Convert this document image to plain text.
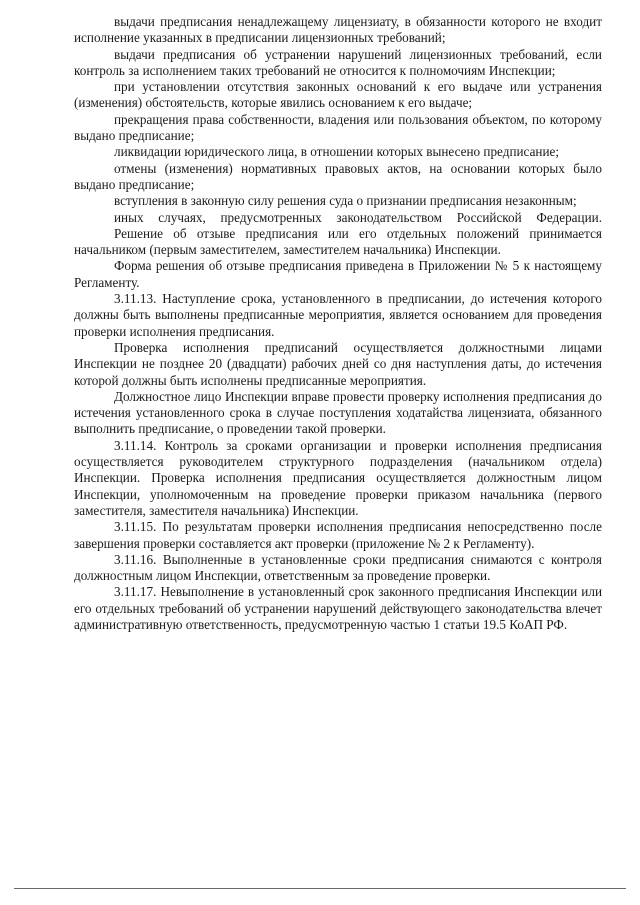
выдачи предписания ненадлежащему лицензиату, в обязанности которого не входит исполнение указанных в предписании лицензионных требований;

выдачи предписания об устранении нарушений лицензионных требований, если контроль за исполнением таких требований не относится к полномочиям Инспекции;

при установлении отсутствия законных оснований к его выдаче или устранения (изменения) обстоятельств, которые явились основанием к его выдаче;

прекращения права собственности, владения или пользования объектом, по которому выдано предписание;

ликвидации юридического лица, в отношении которых вынесено предписание;

отмены (изменения) нормативных правовых актов, на основании которых было выдано предписание;

вступления в законную силу решения суда о признании предписания незаконным;

иных случаях, предусмотренных законодательством Российской Федерации.

Решение об отзыве предписания или его отдельных положений принимается начальником (первым заместителем, заместителем начальника) Инспекции.

Форма решения об отзыве предписания приведена в Приложении № 5 к настоящему Регламенту.

3.11.13. Наступление срока, установленного в предписании, до истечения которого должны быть выполнены предписанные мероприятия, является основанием для проведения проверки исполнения предписания.

Проверка исполнения предписаний осуществляется должностными лицами Инспекции не позднее 20 (двадцати) рабочих дней со дня наступления даты, до истечения которой должны быть исполнены предписанные мероприятия.

Должностное лицо Инспекции вправе провести проверку исполнения предписания до истечения установленного срока в случае поступления ходатайства лицензиата, обязанного выполнить предписание, о проведении такой проверки.

3.11.14. Контроль за сроками организации и проверки исполнения предписания осуществляется руководителем структурного подразделения (начальником отдела) Инспекции. Проверка исполнения предписания осуществляется должностным лицом Инспекции, уполномоченным на проведение проверки приказом начальника (первого заместителя, заместителя начальника) Инспекции.

3.11.15. По результатам проверки исполнения предписания непосредственно после завершения проверки составляется акт проверки (приложение № 2 к Регламенту).

3.11.16. Выполненные в установленные сроки предписания снимаются с контроля должностным лицом Инспекции, ответственным за проведение проверки.

3.11.17. Невыполнение в установленный срок законного предписания Инспекции или его отдельных требований об устранении нарушений действующего законодательства влечет административную ответственность, предусмотренную частью 1 статьи 19.5 КоАП РФ.
